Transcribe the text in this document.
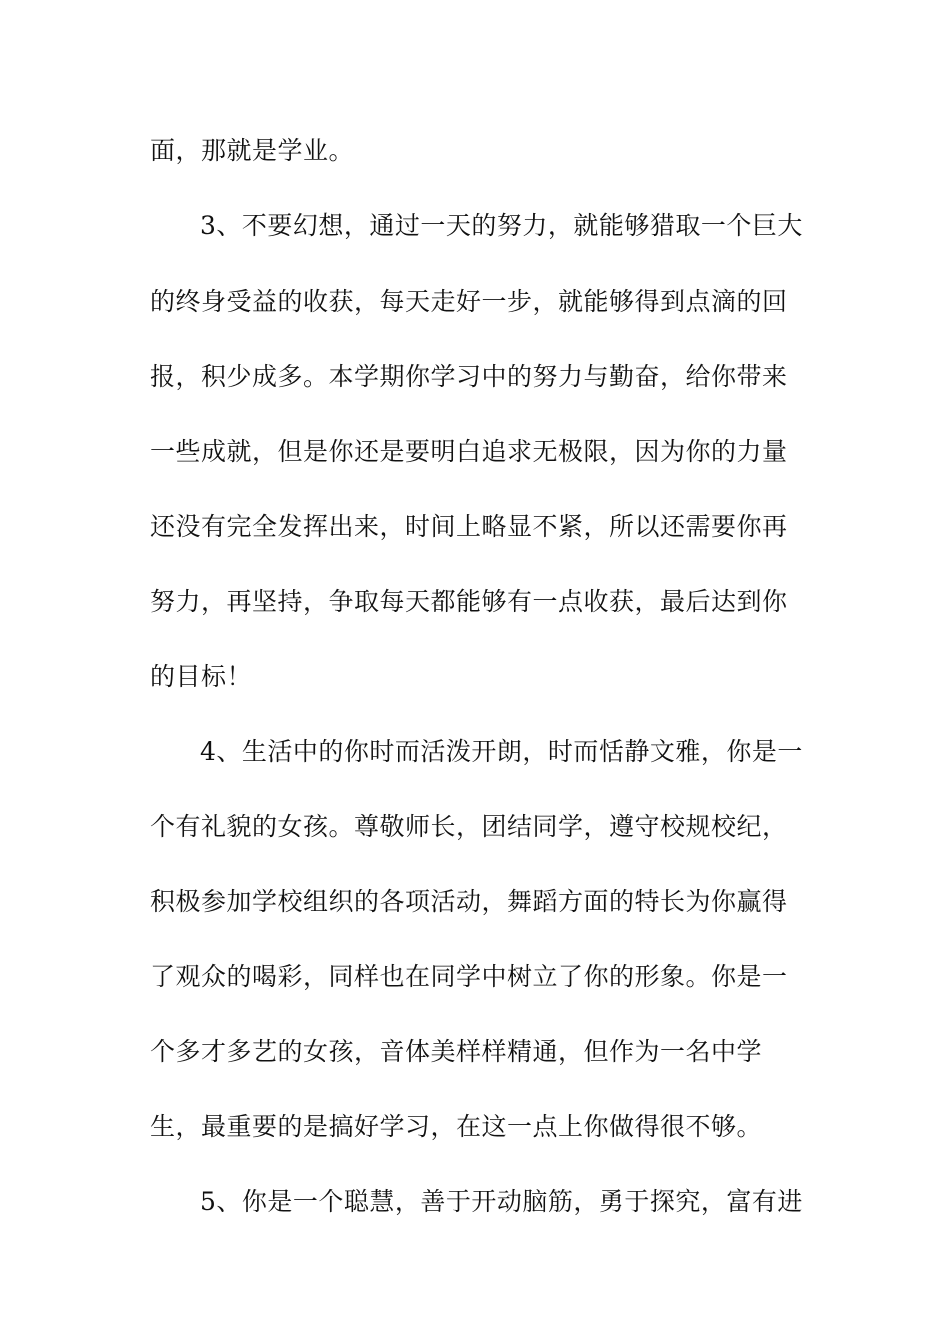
面，那就是学业。
3、不要幻想，通过一天的努力，就能够猎取一个巨大
的终身受益的收获，每天走好一步，就能够得到点滴的回
报，积少成多。本学期你学习中的努力与勤奋，给你带来
一些成就，但是你还是要明白追求无极限，因为你的力量
还没有完全发挥出来，时间上略显不紧，所以还需要你再
努力，再坚持，争取每天都能够有一点收获，最后达到你
的目标！
4、生活中的你时而活泼开朗，时而恬静文雅，你是一
个有礼貌的女孩。尊敬师长，团结同学，遵守校规校纪，
积极参加学校组织的各项活动，舞蹈方面的特长为你赢得
了观众的喝彩，同样也在同学中树立了你的形象。你是一
个多才多艺的女孩，音体美样样精通，但作为一名中学
生，最重要的是搞好学习，在这一点上你做得很不够。
5、你是一个聪慧，善于开动脑筋，勇于探究，富有进
